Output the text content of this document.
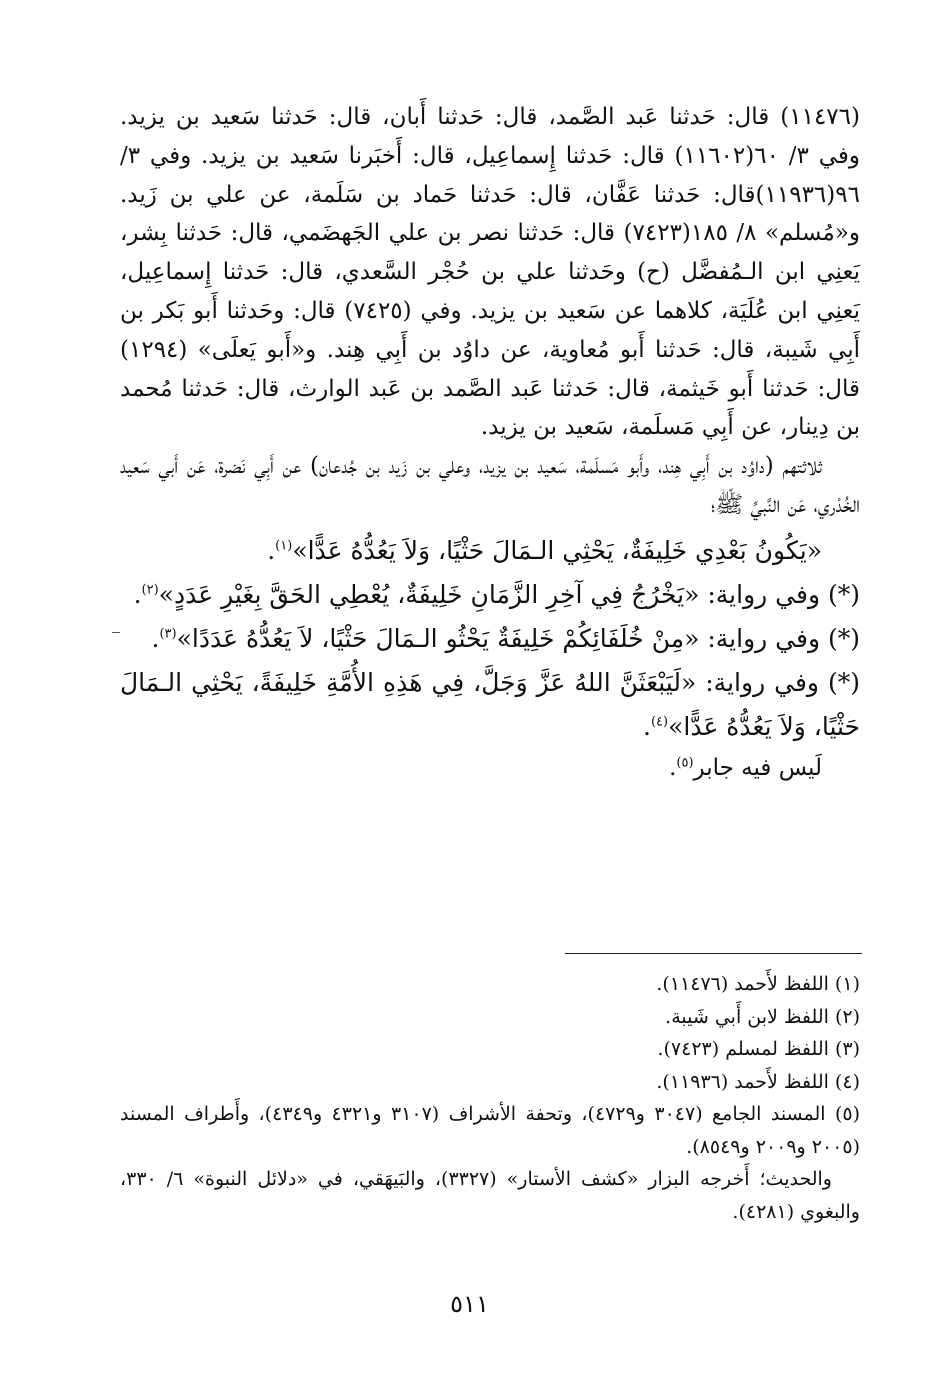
(١١٤٧٦) قال: حَدثنا عَبد الصَّمد، قال: حَدثنا أَبان، قال: حَدثنا سَعيد بن يزيد. وفي ٣/ ٦٠(١١٦٠٢) قال: حَدثنا إِسماعِيل، قال: أَخبَرنا سَعيد بن يزيد. وفي ٣/ ٩٦(١١٩٣٦)قال: حَدثنا عَفَّان، قال: حَدثنا حَماد بن سَلَمة، عن علي بن زَيد. و«مُسلم» ٨/ ١٨٥(٧٤٢٣) قال: حَدثنا نصر بن علي الجَهضَمي، قال: حَدثنا بِشر، يَعنِي ابن الـمُفضَّل (ح) وحَدثنا علي بن حُجْر السَّعدي، قال: حَدثنا إِسماعِيل، يَعنِي ابن عُلَيَة، كلاهما عن سَعيد بن يزيد. وفي (٧٤٢٥) قال: وحَدثنا أَبو بَكر بن أَبِي شَيبة، قال: حَدثنا أَبو مُعاوية، عن داوُد بن أَبِي هِند. و«أَبو يَعلَى» (١٢٩٤) قال: حَدثنا أَبو خَيثمة، قال: حَدثنا عَبد الصَّمد بن عَبد الوارث، قال: حَدثنا مُحمد بن دِينار، عن أَبِي مَسلَمة، سَعيد بن يزيد.

ثلاثتهم (داوُد بن أَبِي هِند، وأَبو مَسلَمة، سَعيد بن يزيد، وعلي بن زَيد بن جُدعان) عن أَبِي نَضرة، عَن أَبي سَعيد الخُدْري، عَن النَّبيِّ ﷺ؛

«يَكُونُ بَعْدِي خَلِيفَةٌ، يَحْثِي الـمَالَ حَثْيًا، وَلاَ يَعُدُّهُ عَدًّا»$^{(١)}$.

(*) وفي رواية: «يَخْرُجُ فِي آخِرِ الزَّمَانِ خَلِيفَةٌ، يُعْطِي الحَقَّ بِغَيْرِ عَدَدٍ»$^{(٢)}$.

(*) وفي رواية: «مِنْ خُلَفَائِكُمْ خَلِيفَةٌ يَحْثُو الـمَالَ حَثْيًا، لاَ يَعُدُّهُ عَدَدًا»$^{(٣)}$.

(*) وفي رواية: «لَيَبْعَثَنَّ اللهُ عَزَّ وَجَلَّ، فِي هَذِهِ الأُمَّةِ خَلِيفَةً، يَحْثِي الـمَالَ حَثْيًا، وَلاَ يَعُدُّهُ عَدًّا»$^{(٤)}$.

لَيس فيه جابر$^{(٥)}$.

(١) اللفظ لأَحمد (١١٤٧٦).

(٢) اللفظ لابن أَبي شَيبة.

(٣) اللفظ لمسلم (٧٤٢٣).

(٤) اللفظ لأَحمد (١١٩٣٦).

(٥) المسند الجامع (٣٠٤٧ و٤٧٢٩)، وتحفة الأشراف (٣١٠٧ و٤٣٢١ و٤٣٤٩)، وأَطراف المسند (٢٠٠٥ و٢٠٠٩ و٨٥٤٩).

والحديث؛ أَخرجه البزار «كشف الأستار» (٣٣٢٧)، والبَيهَقي، في «دلائل النبوة» ٦/ ٣٣٠، والبغوي (٤٢٨١).

٥١١
